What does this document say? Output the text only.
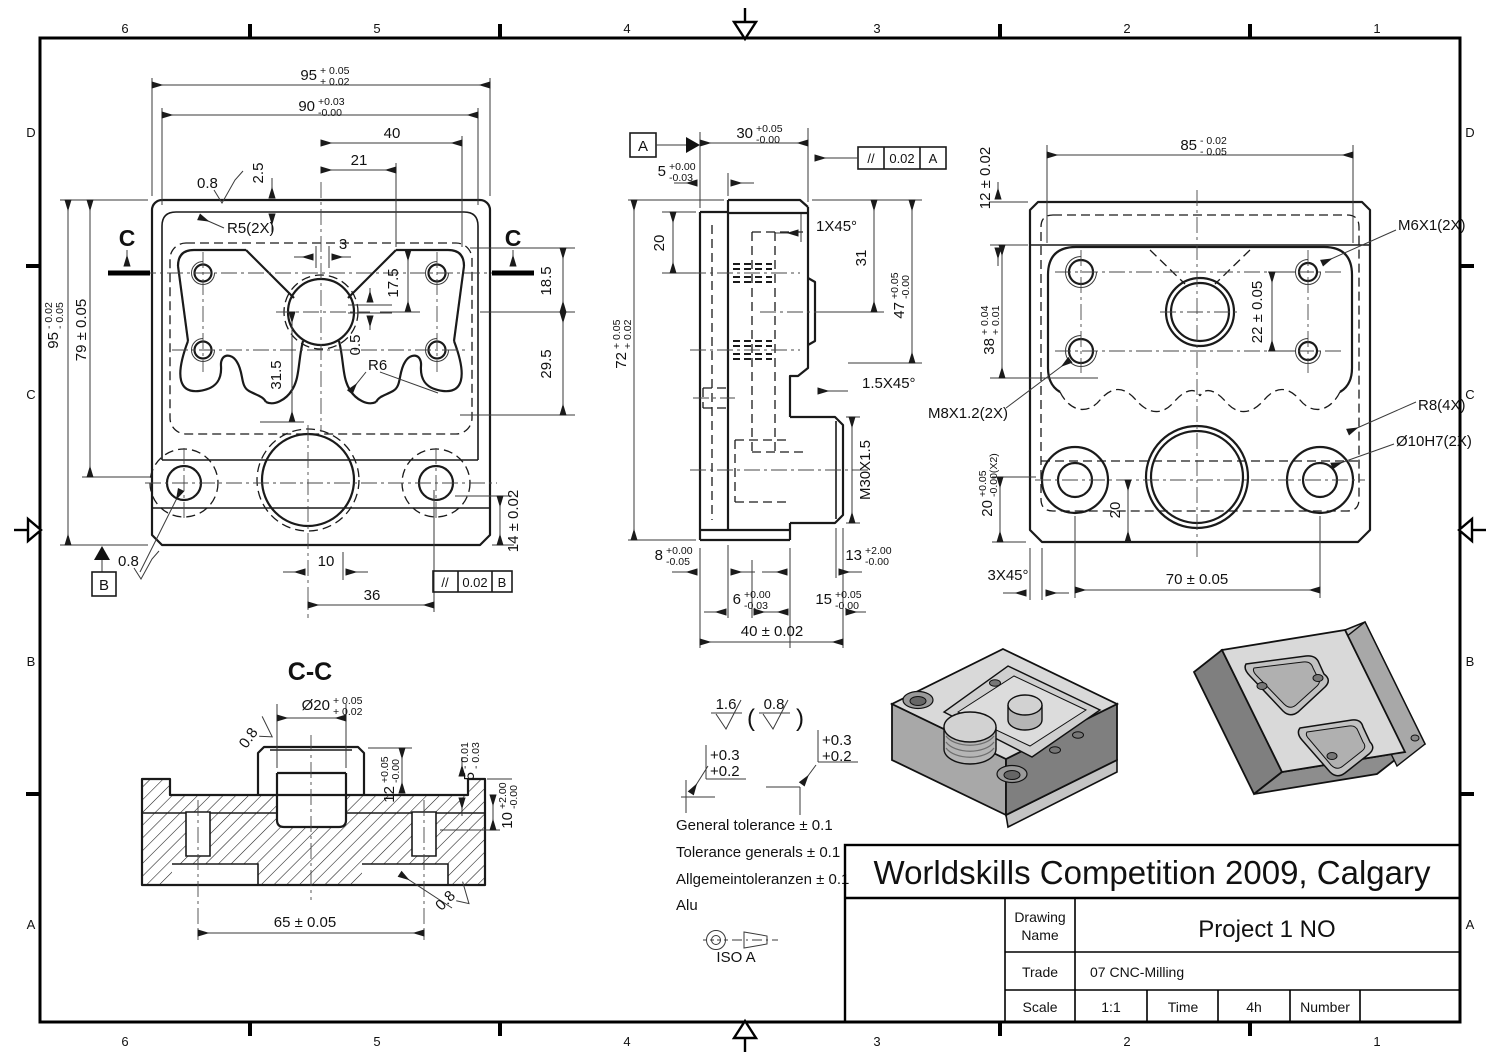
6	5	4	3	2	1
6	5	4	3	2	1
D
C
B
A
D
C
B
A
C	C
95 + 0.05
+ 0.02
90 +0.03
-0.00
40
21
2.5
0.8
R5(2X)
3
17.5
0.5
31.5	R6
18.5
29.5
95
- 0.02 - 0.05 79 ± 0.05
14 ± 0.02
10
36
B
0.8
// 0.02 B
A
30 +0.05
-0.00
// 0.02 A
5 +0.00
-0.03
20
72
+ 0.05 + 0.02
1X45°
31
47
+0.05 -0.00
1.5X45°
M30X1.5
8 +0.00
-0.05	13 +2.00
-0.00
6 +0.00
-0.03	15 +0.05
-0.00
40 ± 0.02
85 - 0.02
- 0.05
12 ± 0.02
M6X1(2X)
38
+ 0.04 + 0.01	22 ± 0.05
M8X1.2(2X)	R8(4X)
Ø10H7(2X)
20
+0.05 -0.00(X2)
20
3X45°	70 ± 0.05
C-C
Ø20 + 0.05
+ 0.02
0.8
12
+0.05 -0.00	5
- 0.01 - 0.03
10
+2.00 -0.00
65 ± 0.05
0.8
1.6
(
0.8
)
+0.3
+0.2
+0.3
+0.2
General tolerance ± 0.1
Tolerance generals ± 0.1
Allgemeintoleranzen ± 0.1
Alu
ISO A
Worldskills Competition 2009, Calgary
Drawing
Name	Project 1 NO
Trade 07 CNC-Milling
Scale	1:1	Time	4h	Number
